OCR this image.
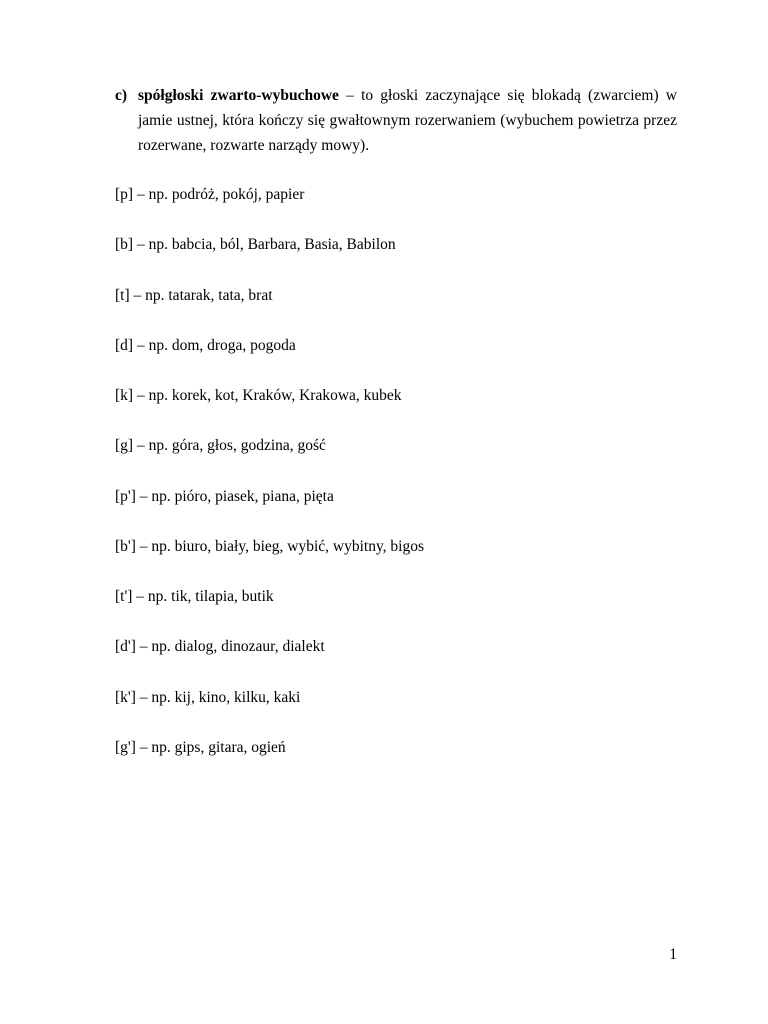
c) spółgłoski zwarto-wybuchowe – to głoski zaczynające się blokadą (zwarciem) w jamie ustnej, która kończy się gwałtownym rozerwaniem (wybuchem powietrza przez rozerwane, rozwarte narządy mowy).

[p] – np. podróż, pokój, papier
[b] – np. babcia, ból, Barbara, Basia, Babilon
[t] – np. tatarak, tata, brat
[d] – np. dom, droga, pogoda
[k] – np. korek, kot, Kraków, Krakowa, kubek
[g] – np. góra, głos, godzina, gość
[p'] – np. pióro, piasek, piana, pięta
[b'] – np. biuro, biały, bieg, wybić, wybitny, bigos
[t'] – np. tik, tilapia, butik
[d'] – np. dialog, dinozaur, dialekt
[k'] – np. kij, kino, kilku, kaki
[g'] – np. gips, gitara, ogień
1
